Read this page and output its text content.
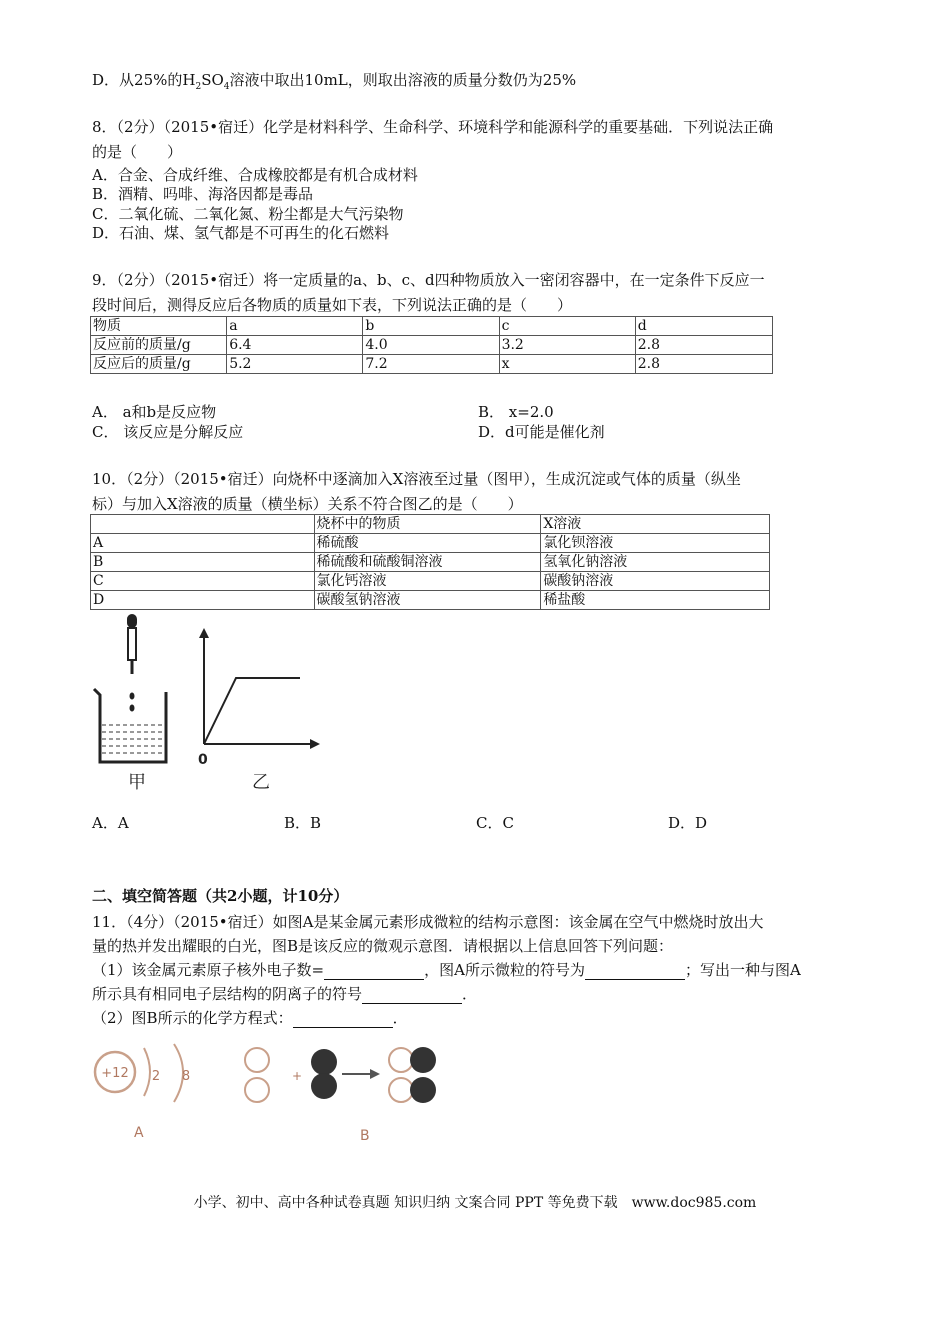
D．从25%的$H_2SO_4$溶液中取出10mL，则取出溶液的质量分数仍为25%
8．（2分）（2015•宿迁）化学是材料科学、生命科学、环境科学和能源科学的重要基础．下列说法正确
的是（　　）
A．合金、合成纤维、合成橡胶都是有机合成材料
B．酒精、吗啡、海洛因都是毒品
C．二氧化硫、二氧化氮、粉尘都是大气污染物
D．石油、煤、氢气都是不可再生的化石燃料
9．（2分）（2015•宿迁）将一定质量的a、b、c、d四种物质放入一密闭容器中，在一定条件下反应一
段时间后，测得反应后各物质的质量如下表，下列说法正确的是（　　）
物质	a	b	c	d
反应前的质量/g	6.4	4.0	3.2	2.8
反应后的质量/g	5.2	7.2	x	2.8
A． a和b是反应物	B． x=2.0
C． 该反应是分解反应	D．d可能是催化剂
10．（2分）（2015•宿迁）向烧杯中逐滴加入X溶液至过量（图甲），生成沉淀或气体的质量（纵坐
标）与加入X溶液的质量（横坐标）关系不符合图乙的是（　　）
	烧杯中的物质	X溶液
A	稀硫酸	氯化钡溶液
B	稀硫酸和硫酸铜溶液	氢氧化钠溶液
C	氯化钙溶液	碳酸钠溶液
D	碳酸氢钠溶液	稀盐酸
0
甲	乙
A．A	B．B	C．C	D．D
二、填空简答题（共2小题，计10分）
11．（4分）（2015•宿迁）如图A是某金属元素形成微粒的结构示意图：该金属在空气中燃烧时放出大
量的热并发出耀眼的白光，图B是该反应的微观示意图．请根据以上信息回答下列问题：
（1）该金属元素原子核外电子数=	，图A所示微粒的符号为	；写出一种与图A
所示具有相同电子层结构的阴离子的符号	．
（2）图B所示的化学方程式：	．
+12 2 8
A
+
B
小学、初中、高中各种试卷真题 知识归纳 文案合同 PPT 等免费下载　www.doc985.com
